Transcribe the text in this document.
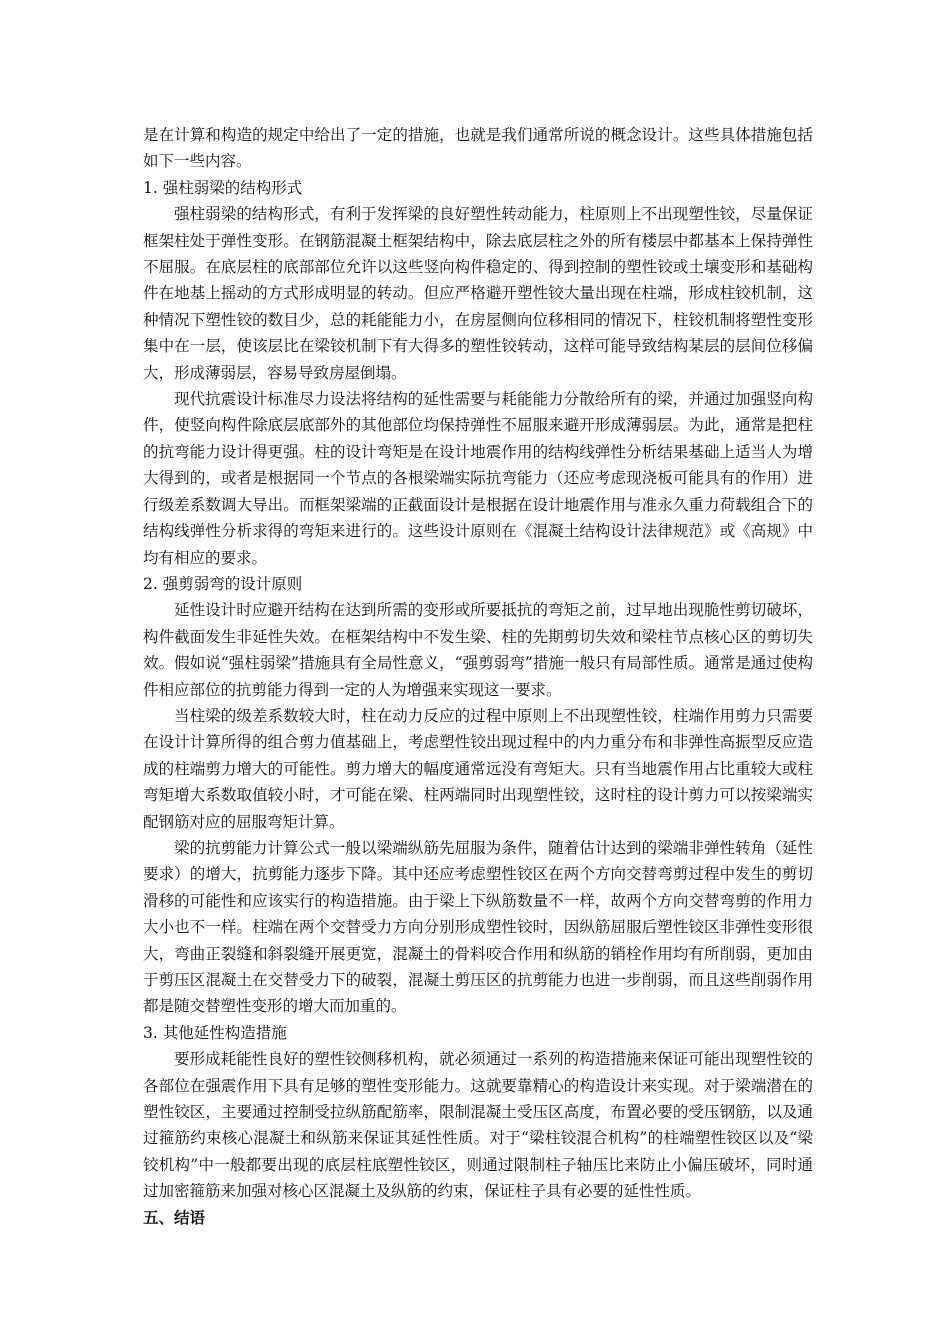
是在计算和构造的规定中给出了一定的措施，也就是我们通常所说的概念设计。这些具体措施包括如下一些内容。

1. 强柱弱梁的结构形式

强柱弱梁的结构形式，有利于发挥梁的良好塑性转动能力，柱原则上不出现塑性铰，尽量保证框架柱处于弹性变形。在钢筋混凝土框架结构中，除去底层柱之外的所有楼层中都基本上保持弹性不屈服。在底层柱的底部部位允许以这些竖向构件稳定的、得到控制的塑性铰或土壤变形和基础构件在地基上摇动的方式形成明显的转动。但应严格避开塑性铰大量出现在柱端，形成柱铰机制，这种情况下塑性铰的数目少，总的耗能能力小，在房屋侧向位移相同的情况下，柱铰机制将塑性变形集中在一层，使该层比在梁铰机制下有大得多的塑性铰转动，这样可能导致结构某层的层间位移偏大，形成薄弱层，容易导致房屋倒塌。

现代抗震设计标准尽力设法将结构的延性需要与耗能能力分散给所有的梁，并通过加强竖向构件，使竖向构件除底层底部外的其他部位均保持弹性不屈服来避开形成薄弱层。为此，通常是把柱的抗弯能力设计得更强。柱的设计弯矩是在设计地震作用的结构线弹性分析结果基础上适当人为增大得到的，或者是根据同一个节点的各根梁端实际抗弯能力（还应考虑现浇板可能具有的作用）进行级差系数调大导出。而框架梁端的正截面设计是根据在设计地震作用与准永久重力荷载组合下的结构线弹性分析求得的弯矩来进行的。这些设计原则在《混凝土结构设计法律规范》或《高规》中均有相应的要求。

2. 强剪弱弯的设计原则

延性设计时应避开结构在达到所需的变形或所要抵抗的弯矩之前，过早地出现脆性剪切破坏，构件截面发生非延性失效。在框架结构中不发生梁、柱的先期剪切失效和梁柱节点核心区的剪切失效。假如说“强柱弱梁”措施具有全局性意义，“强剪弱弯”措施一般只有局部性质。通常是通过使构件相应部位的抗剪能力得到一定的人为增强来实现这一要求。

当柱梁的级差系数较大时，柱在动力反应的过程中原则上不出现塑性铰，柱端作用剪力只需要在设计计算所得的组合剪力值基础上，考虑塑性铰出现过程中的内力重分布和非弹性高振型反应造成的柱端剪力增大的可能性。剪力增大的幅度通常远没有弯矩大。只有当地震作用占比重较大或柱弯矩增大系数取值较小时，才可能在梁、柱两端同时出现塑性铰，这时柱的设计剪力可以按梁端实配钢筋对应的屈服弯矩计算。

梁的抗剪能力计算公式一般以梁端纵筋先屈服为条件，随着估计达到的梁端非弹性转角（延性要求）的增大，抗剪能力逐步下降。其中还应考虑塑性铰区在两个方向交替弯剪过程中发生的剪切滑移的可能性和应该实行的构造措施。由于梁上下纵筋数量不一样，故两个方向交替弯剪的作用力大小也不一样。柱端在两个交替受力方向分别形成塑性铰时，因纵筋屈服后塑性铰区非弹性变形很大，弯曲正裂缝和斜裂缝开展更宽，混凝土的骨料咬合作用和纵筋的销栓作用均有所削弱，更加由于剪压区混凝土在交替受力下的破裂，混凝土剪压区的抗剪能力也进一步削弱，而且这些削弱作用都是随交替塑性变形的增大而加重的。

3. 其他延性构造措施

要形成耗能性良好的塑性铰侧移机构，就必须通过一系列的构造措施来保证可能出现塑性铰的各部位在强震作用下具有足够的塑性变形能力。这就要靠精心的构造设计来实现。对于梁端潜在的塑性铰区，主要通过控制受拉纵筋配筋率，限制混凝土受压区高度，布置必要的受压钢筋，以及通过箍筋约束核心混凝土和纵筋来保证其延性性质。对于“梁柱铰混合机构”的柱端塑性铰区以及“梁铰机构”中一般都要出现的底层柱底塑性铰区，则通过限制柱子轴压比来防止小偏压破坏，同时通过加密箍筋来加强对核心区混凝土及纵筋的约束，保证柱子具有必要的延性性质。

五、结语
